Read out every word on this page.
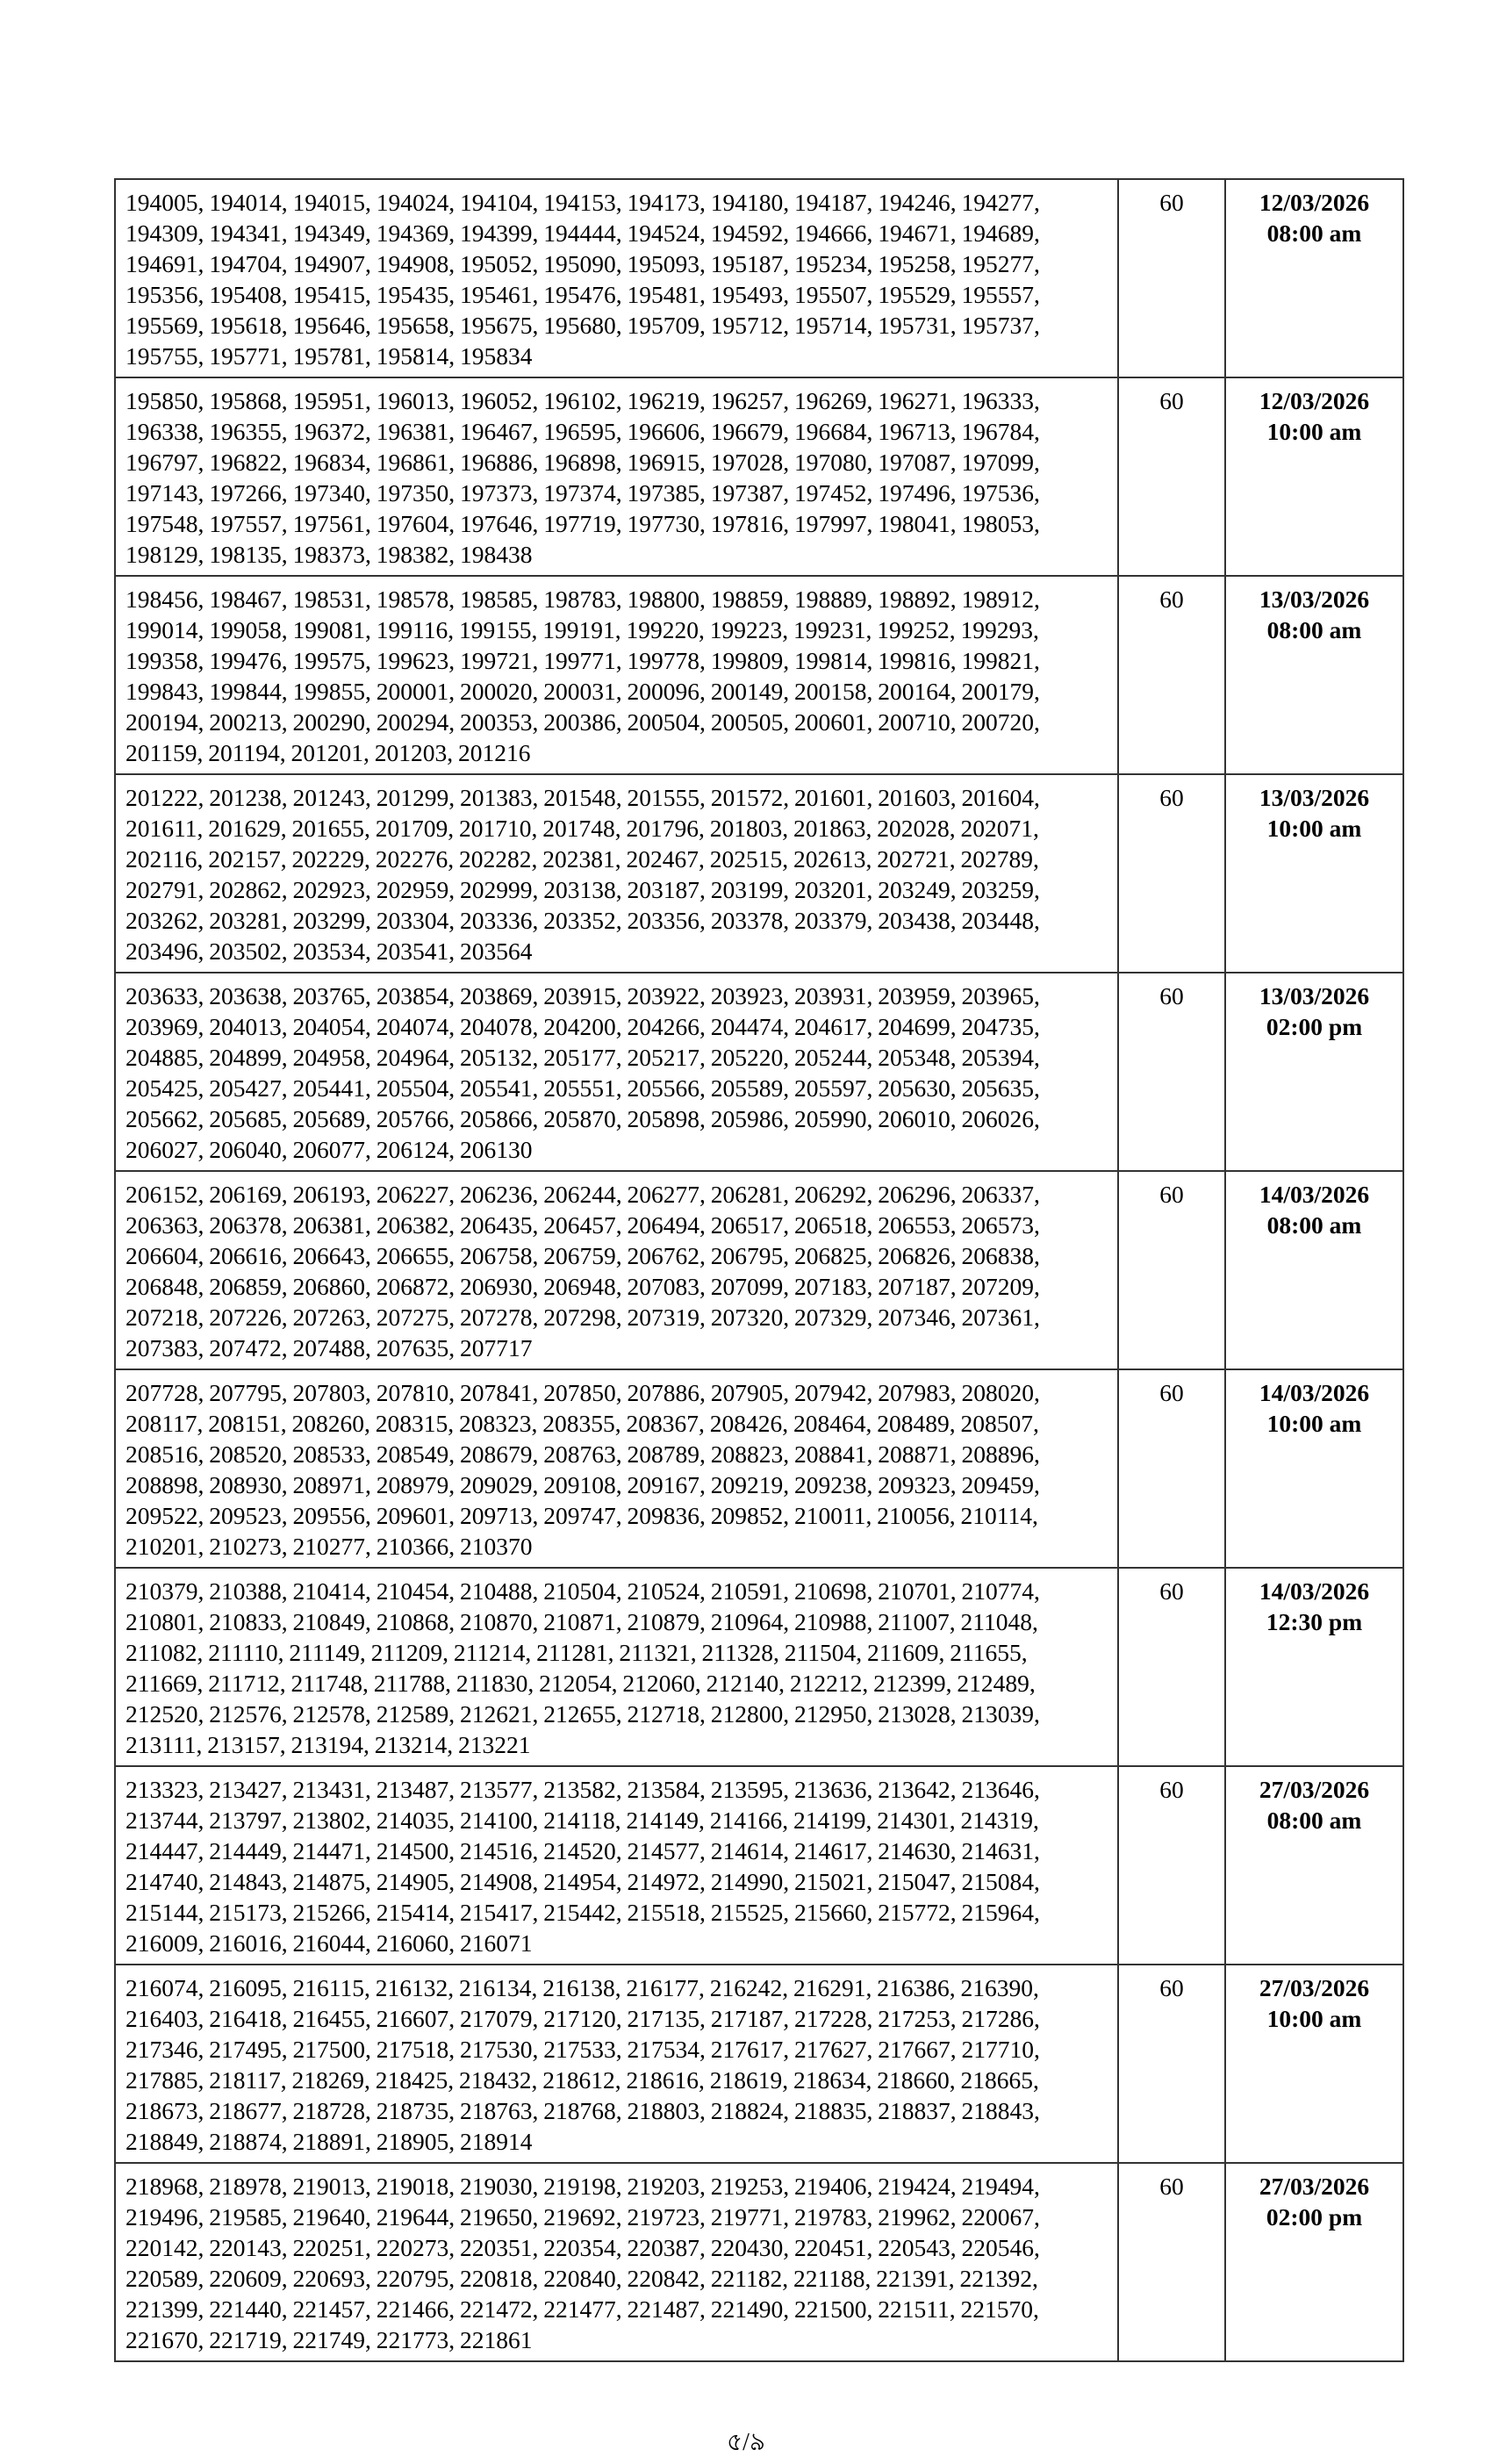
194005, 194014, 194015, 194024, 194104, 194153, 194173, 194180, 194187, 194246, 194277, 194309, 194341, 194349, 194369, 194399, 194444, 194524, 194592, 194666, 194671, 194689, 194691, 194704, 194907, 194908, 195052, 195090, 195093, 195187, 195234, 195258, 195277, 195356, 195408, 195415, 195435, 195461, 195476, 195481, 195493, 195507, 195529, 195557, 195569, 195618, 195646, 195658, 195675, 195680, 195709, 195712, 195714, 195731, 195737, 195755, 195771, 195781, 195814, 195834	60	12/03/2026
08:00 am

195850, 195868, 195951, 196013, 196052, 196102, 196219, 196257, 196269, 196271, 196333, 196338, 196355, 196372, 196381, 196467, 196595, 196606, 196679, 196684, 196713, 196784, 196797, 196822, 196834, 196861, 196886, 196898, 196915, 197028, 197080, 197087, 197099, 197143, 197266, 197340, 197350, 197373, 197374, 197385, 197387, 197452, 197496, 197536, 197548, 197557, 197561, 197604, 197646, 197719, 197730, 197816, 197997, 198041, 198053, 198129, 198135, 198373, 198382, 198438	60	12/03/2026
10:00 am

198456, 198467, 198531, 198578, 198585, 198783, 198800, 198859, 198889, 198892, 198912, 199014, 199058, 199081, 199116, 199155, 199191, 199220, 199223, 199231, 199252, 199293, 199358, 199476, 199575, 199623, 199721, 199771, 199778, 199809, 199814, 199816, 199821, 199843, 199844, 199855, 200001, 200020, 200031, 200096, 200149, 200158, 200164, 200179, 200194, 200213, 200290, 200294, 200353, 200386, 200504, 200505, 200601, 200710, 200720, 201159, 201194, 201201, 201203, 201216	60	13/03/2026
08:00 am

201222, 201238, 201243, 201299, 201383, 201548, 201555, 201572, 201601, 201603, 201604, 201611, 201629, 201655, 201709, 201710, 201748, 201796, 201803, 201863, 202028, 202071, 202116, 202157, 202229, 202276, 202282, 202381, 202467, 202515, 202613, 202721, 202789, 202791, 202862, 202923, 202959, 202999, 203138, 203187, 203199, 203201, 203249, 203259, 203262, 203281, 203299, 203304, 203336, 203352, 203356, 203378, 203379, 203438, 203448, 203496, 203502, 203534, 203541, 203564	60	13/03/2026
10:00 am

203633, 203638, 203765, 203854, 203869, 203915, 203922, 203923, 203931, 203959, 203965, 203969, 204013, 204054, 204074, 204078, 204200, 204266, 204474, 204617, 204699, 204735, 204885, 204899, 204958, 204964, 205132, 205177, 205217, 205220, 205244, 205348, 205394, 205425, 205427, 205441, 205504, 205541, 205551, 205566, 205589, 205597, 205630, 205635, 205662, 205685, 205689, 205766, 205866, 205870, 205898, 205986, 205990, 206010, 206026, 206027, 206040, 206077, 206124, 206130	60	13/03/2026
02:00 pm

206152, 206169, 206193, 206227, 206236, 206244, 206277, 206281, 206292, 206296, 206337, 206363, 206378, 206381, 206382, 206435, 206457, 206494, 206517, 206518, 206553, 206573, 206604, 206616, 206643, 206655, 206758, 206759, 206762, 206795, 206825, 206826, 206838, 206848, 206859, 206860, 206872, 206930, 206948, 207083, 207099, 207183, 207187, 207209, 207218, 207226, 207263, 207275, 207278, 207298, 207319, 207320, 207329, 207346, 207361, 207383, 207472, 207488, 207635, 207717	60	14/03/2026
08:00 am

207728, 207795, 207803, 207810, 207841, 207850, 207886, 207905, 207942, 207983, 208020, 208117, 208151, 208260, 208315, 208323, 208355, 208367, 208426, 208464, 208489, 208507, 208516, 208520, 208533, 208549, 208679, 208763, 208789, 208823, 208841, 208871, 208896, 208898, 208930, 208971, 208979, 209029, 209108, 209167, 209219, 209238, 209323, 209459, 209522, 209523, 209556, 209601, 209713, 209747, 209836, 209852, 210011, 210056, 210114, 210201, 210273, 210277, 210366, 210370	60	14/03/2026
10:00 am

210379, 210388, 210414, 210454, 210488, 210504, 210524, 210591, 210698, 210701, 210774, 210801, 210833, 210849, 210868, 210870, 210871, 210879, 210964, 210988, 211007, 211048, 211082, 211110, 211149, 211209, 211214, 211281, 211321, 211328, 211504, 211609, 211655, 211669, 211712, 211748, 211788, 211830, 212054, 212060, 212140, 212212, 212399, 212489, 212520, 212576, 212578, 212589, 212621, 212655, 212718, 212800, 212950, 213028, 213039, 213111, 213157, 213194, 213214, 213221	60	14/03/2026
12:30 pm

213323, 213427, 213431, 213487, 213577, 213582, 213584, 213595, 213636, 213642, 213646, 213744, 213797, 213802, 214035, 214100, 214118, 214149, 214166, 214199, 214301, 214319, 214447, 214449, 214471, 214500, 214516, 214520, 214577, 214614, 214617, 214630, 214631, 214740, 214843, 214875, 214905, 214908, 214954, 214972, 214990, 215021, 215047, 215084, 215144, 215173, 215266, 215414, 215417, 215442, 215518, 215525, 215660, 215772, 215964, 216009, 216016, 216044, 216060, 216071	60	27/03/2026
08:00 am

216074, 216095, 216115, 216132, 216134, 216138, 216177, 216242, 216291, 216386, 216390, 216403, 216418, 216455, 216607, 217079, 217120, 217135, 217187, 217228, 217253, 217286, 217346, 217495, 217500, 217518, 217530, 217533, 217534, 217617, 217627, 217667, 217710, 217885, 218117, 218269, 218425, 218432, 218612, 218616, 218619, 218634, 218660, 218665, 218673, 218677, 218728, 218735, 218763, 218768, 218803, 218824, 218835, 218837, 218843, 218849, 218874, 218891, 218905, 218914	60	27/03/2026
10:00 am

218968, 218978, 219013, 219018, 219030, 219198, 219203, 219253, 219406, 219424, 219494, 219496, 219585, 219640, 219644, 219650, 219692, 219723, 219771, 219783, 219962, 220067, 220142, 220143, 220251, 220273, 220351, 220354, 220387, 220430, 220451, 220543, 220546, 220589, 220609, 220693, 220795, 220818, 220840, 220842, 221182, 221188, 221391, 221392, 221399, 221440, 221457, 221466, 221472, 221477, 221487, 221490, 221500, 221511, 221570, 221670, 221719, 221749, 221773, 221861	60	27/03/2026
02:00 pm
৫/৯
